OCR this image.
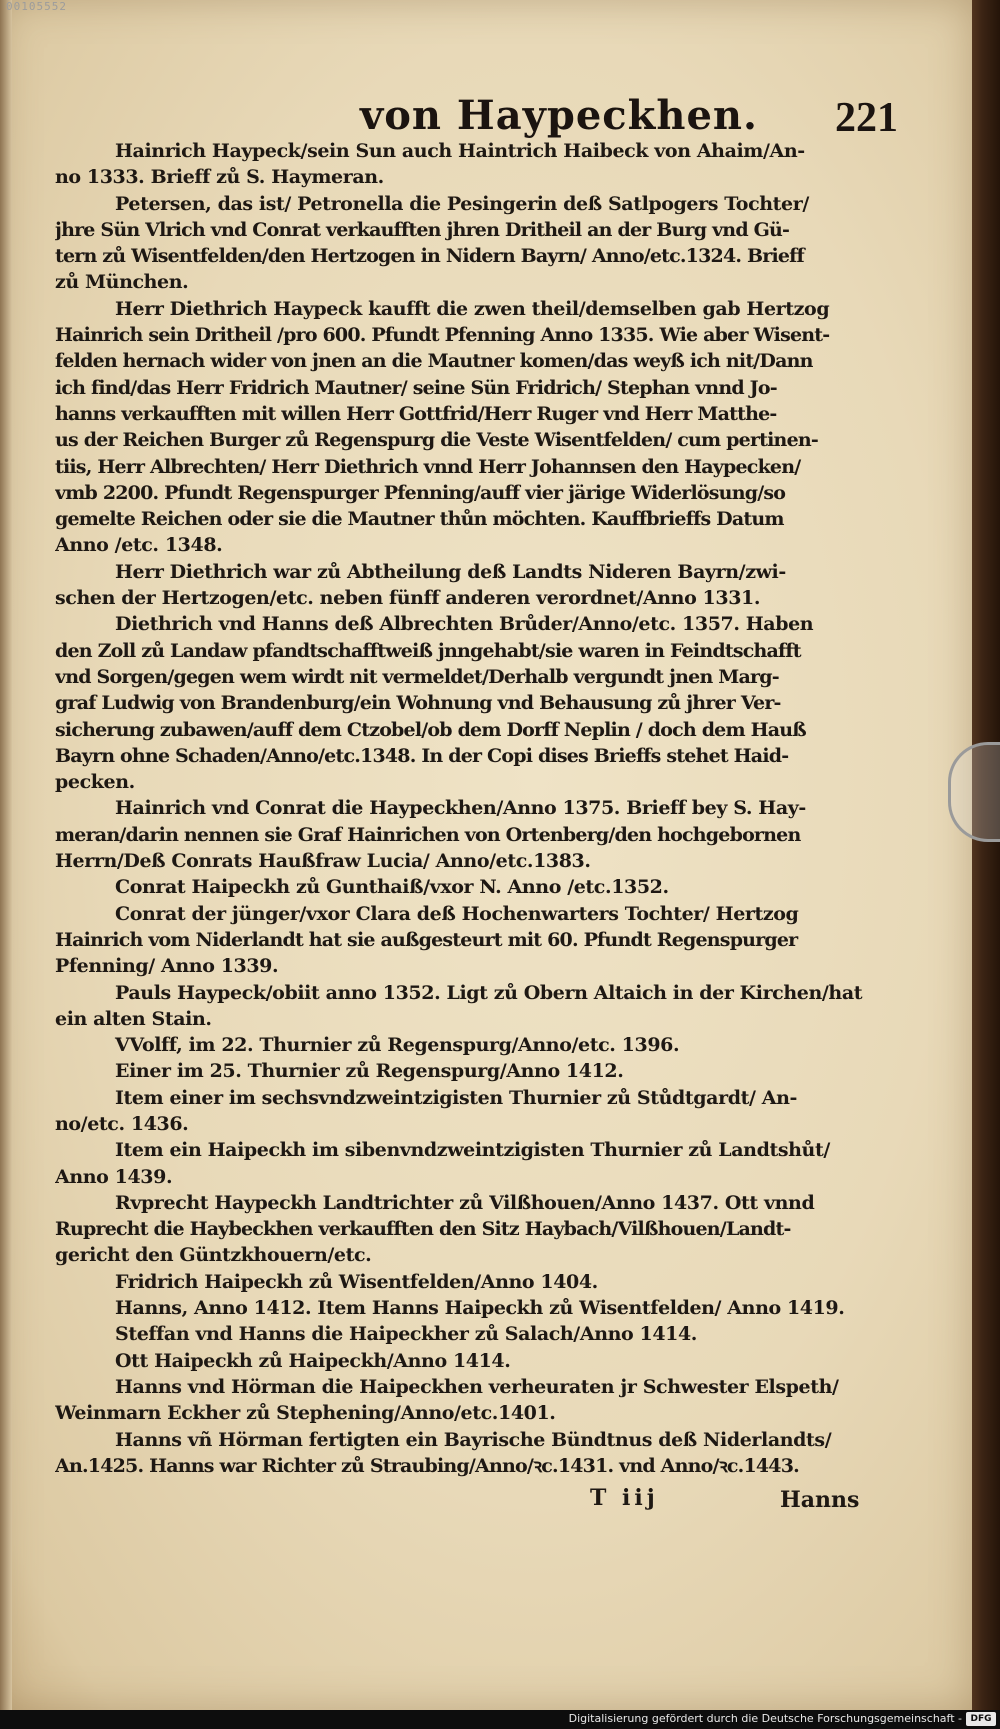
00105552
von Haypeckhen. 221
Hainrich Haypeck/sein Sun auch Haintrich Haibeck von Ahaim/An-
no 1333. Brieff zů S. Haymeran.
Petersen, das ist/ Petronella die Pesingerin deß Satlpogers Tochter/
jhre Sün Vlrich vnd Conrat verkaufften jhren Dritheil an der Burg vnd Gü-
tern zů Wisentfelden/den Hertzogen in Nidern Bayrn/ Anno/etc.1324. Brieff
zů München.
Herr Diethrich Haypeck kaufft die zwen theil/demselben gab Hertzog
Hainrich sein Dritheil /pro 600. Pfundt Pfenning Anno 1335. Wie aber Wisent-
felden hernach wider von jnen an die Mautner komen/das weyß ich nit/Dann
ich find/das Herr Fridrich Mautner/ seine Sün Fridrich/ Stephan vnnd Jo-
hanns verkaufften mit willen Herr Gottfrid/Herr Ruger vnd Herr Matthe-
us der Reichen Burger zů Regenspurg die Veste Wisentfelden/ cum pertinen-
tiis, Herr Albrechten/ Herr Diethrich vnnd Herr Johannsen den Haypecken/
vmb 2200. Pfundt Regenspurger Pfenning/auff vier järige Widerlösung/so
gemelte Reichen oder sie die Mautner thůn möchten. Kauffbrieffs Datum
Anno /etc. 1348.
Herr Diethrich war zů Abtheilung deß Landts Nideren Bayrn/zwi-
schen der Hertzogen/etc. neben fünff anderen verordnet/Anno 1331.
Diethrich vnd Hanns deß Albrechten Brůder/Anno/etc. 1357. Haben
den Zoll zů Landaw pfandtschafftweiß jnngehabt/sie waren in Feindtschafft
vnd Sorgen/gegen wem wirdt nit vermeldet/Derhalb vergundt jnen Marg-
graf Ludwig von Brandenburg/ein Wohnung vnd Behausung zů jhrer Ver-
sicherung zubawen/auff dem Ctzobel/ob dem Dorff Neplin / doch dem Hauß
Bayrn ohne Schaden/Anno/etc.1348. In der Copi dises Brieffs stehet Haid-
pecken.
Hainrich vnd Conrat die Haypeckhen/Anno 1375. Brieff bey S. Hay-
meran/darin nennen sie Graf Hainrichen von Ortenberg/den hochgebornen
Herrn/Deß Conrats Haußfraw Lucia/ Anno/etc.1383.
Conrat Haipeckh zů Gunthaiß/vxor N. Anno /etc.1352.
Conrat der jünger/vxor Clara deß Hochenwarters Tochter/ Hertzog
Hainrich vom Niderlandt hat sie außgesteurt mit 60. Pfundt Regenspurger
Pfenning/ Anno 1339.
Pauls Haypeck/obiit anno 1352. Ligt zů Obern Altaich in der Kirchen/hat
ein alten Stain.
VVolff, im 22. Thurnier zů Regenspurg/Anno/etc. 1396.
Einer im 25. Thurnier zů Regenspurg/Anno 1412.
Item einer im sechsvndzweintzigisten Thurnier zů Stůdtgardt/ An-
no/etc. 1436.
Item ein Haipeckh im sibenvndzweintzigisten Thurnier zů Landtshůt/
Anno 1439.
Rvprecht Haypeckh Landtrichter zů Vilßhouen/Anno 1437. Ott vnnd
Ruprecht die Haybeckhen verkaufften den Sitz Haybach/Vilßhouen/Landt-
gericht den Güntzkhouern/etc.
Fridrich Haipeckh zů Wisentfelden/Anno 1404.
Hanns, Anno 1412. Item Hanns Haipeckh zů Wisentfelden/ Anno 1419.
Steffan vnd Hanns die Haipeckher zů Salach/Anno 1414.
Ott Haipeckh zů Haipeckh/Anno 1414.
Hanns vnd Hörman die Haipeckhen verheuraten jr Schwester Elspeth/
Weinmarn Eckher zů Stephening/Anno/etc.1401.
Hanns vñ Hörman fertigten ein Bayrische Bündtnus deß Niderlandts/
An.1425. Hanns war Richter zů Straubing/Anno/ꝛc.1431. vnd Anno/ꝛc.1443.
T iij	Hanns
Digitalisierung gefördert durch die Deutsche Forschungsgemeinschaft - DFG
